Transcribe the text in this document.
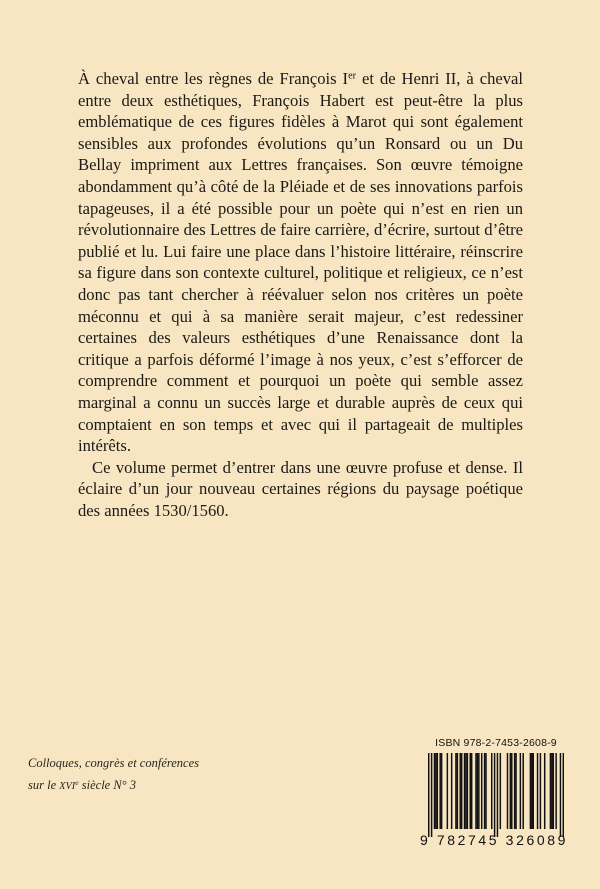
À cheval entre les règnes de François Ier et de Henri II, à cheval entre deux esthétiques, François Habert est peut-être la plus emblématique de ces figures fidèles à Marot qui sont également sensibles aux profondes évolutions qu’un Ronsard ou un Du Bellay impriment aux Lettres françaises. Son œuvre témoigne abondamment qu’à côté de la Pléiade et de ses innovations parfois tapageuses, il a été possible pour un poète qui n’est en rien un révolutionnaire des Lettres de faire carrière, d’écrire, surtout d’être publié et lu. Lui faire une place dans l’histoire littéraire, réinscrire sa figure dans son contexte culturel, politique et religieux, ce n’est donc pas tant chercher à réévaluer selon nos critères un poète méconnu et qui à sa manière serait majeur, c’est redessiner certaines des valeurs esthétiques d’une Renaissance dont la critique a parfois déformé l’image à nos yeux, c’est s’efforcer de comprendre comment et pourquoi un poète qui semble assez marginal a connu un succès large et durable auprès de ceux qui comptaient en son temps et avec qui il partageait de multiples intérêts.

Ce volume permet d’entrer dans une œuvre profuse et dense. Il éclaire d’un jour nouveau certaines régions du paysage poétique des années 1530/1560.

Colloques, congrès et conférences
sur le XVIe siècle N° 3
ISBN 978-2-7453-2608-9
9 782745 326089
